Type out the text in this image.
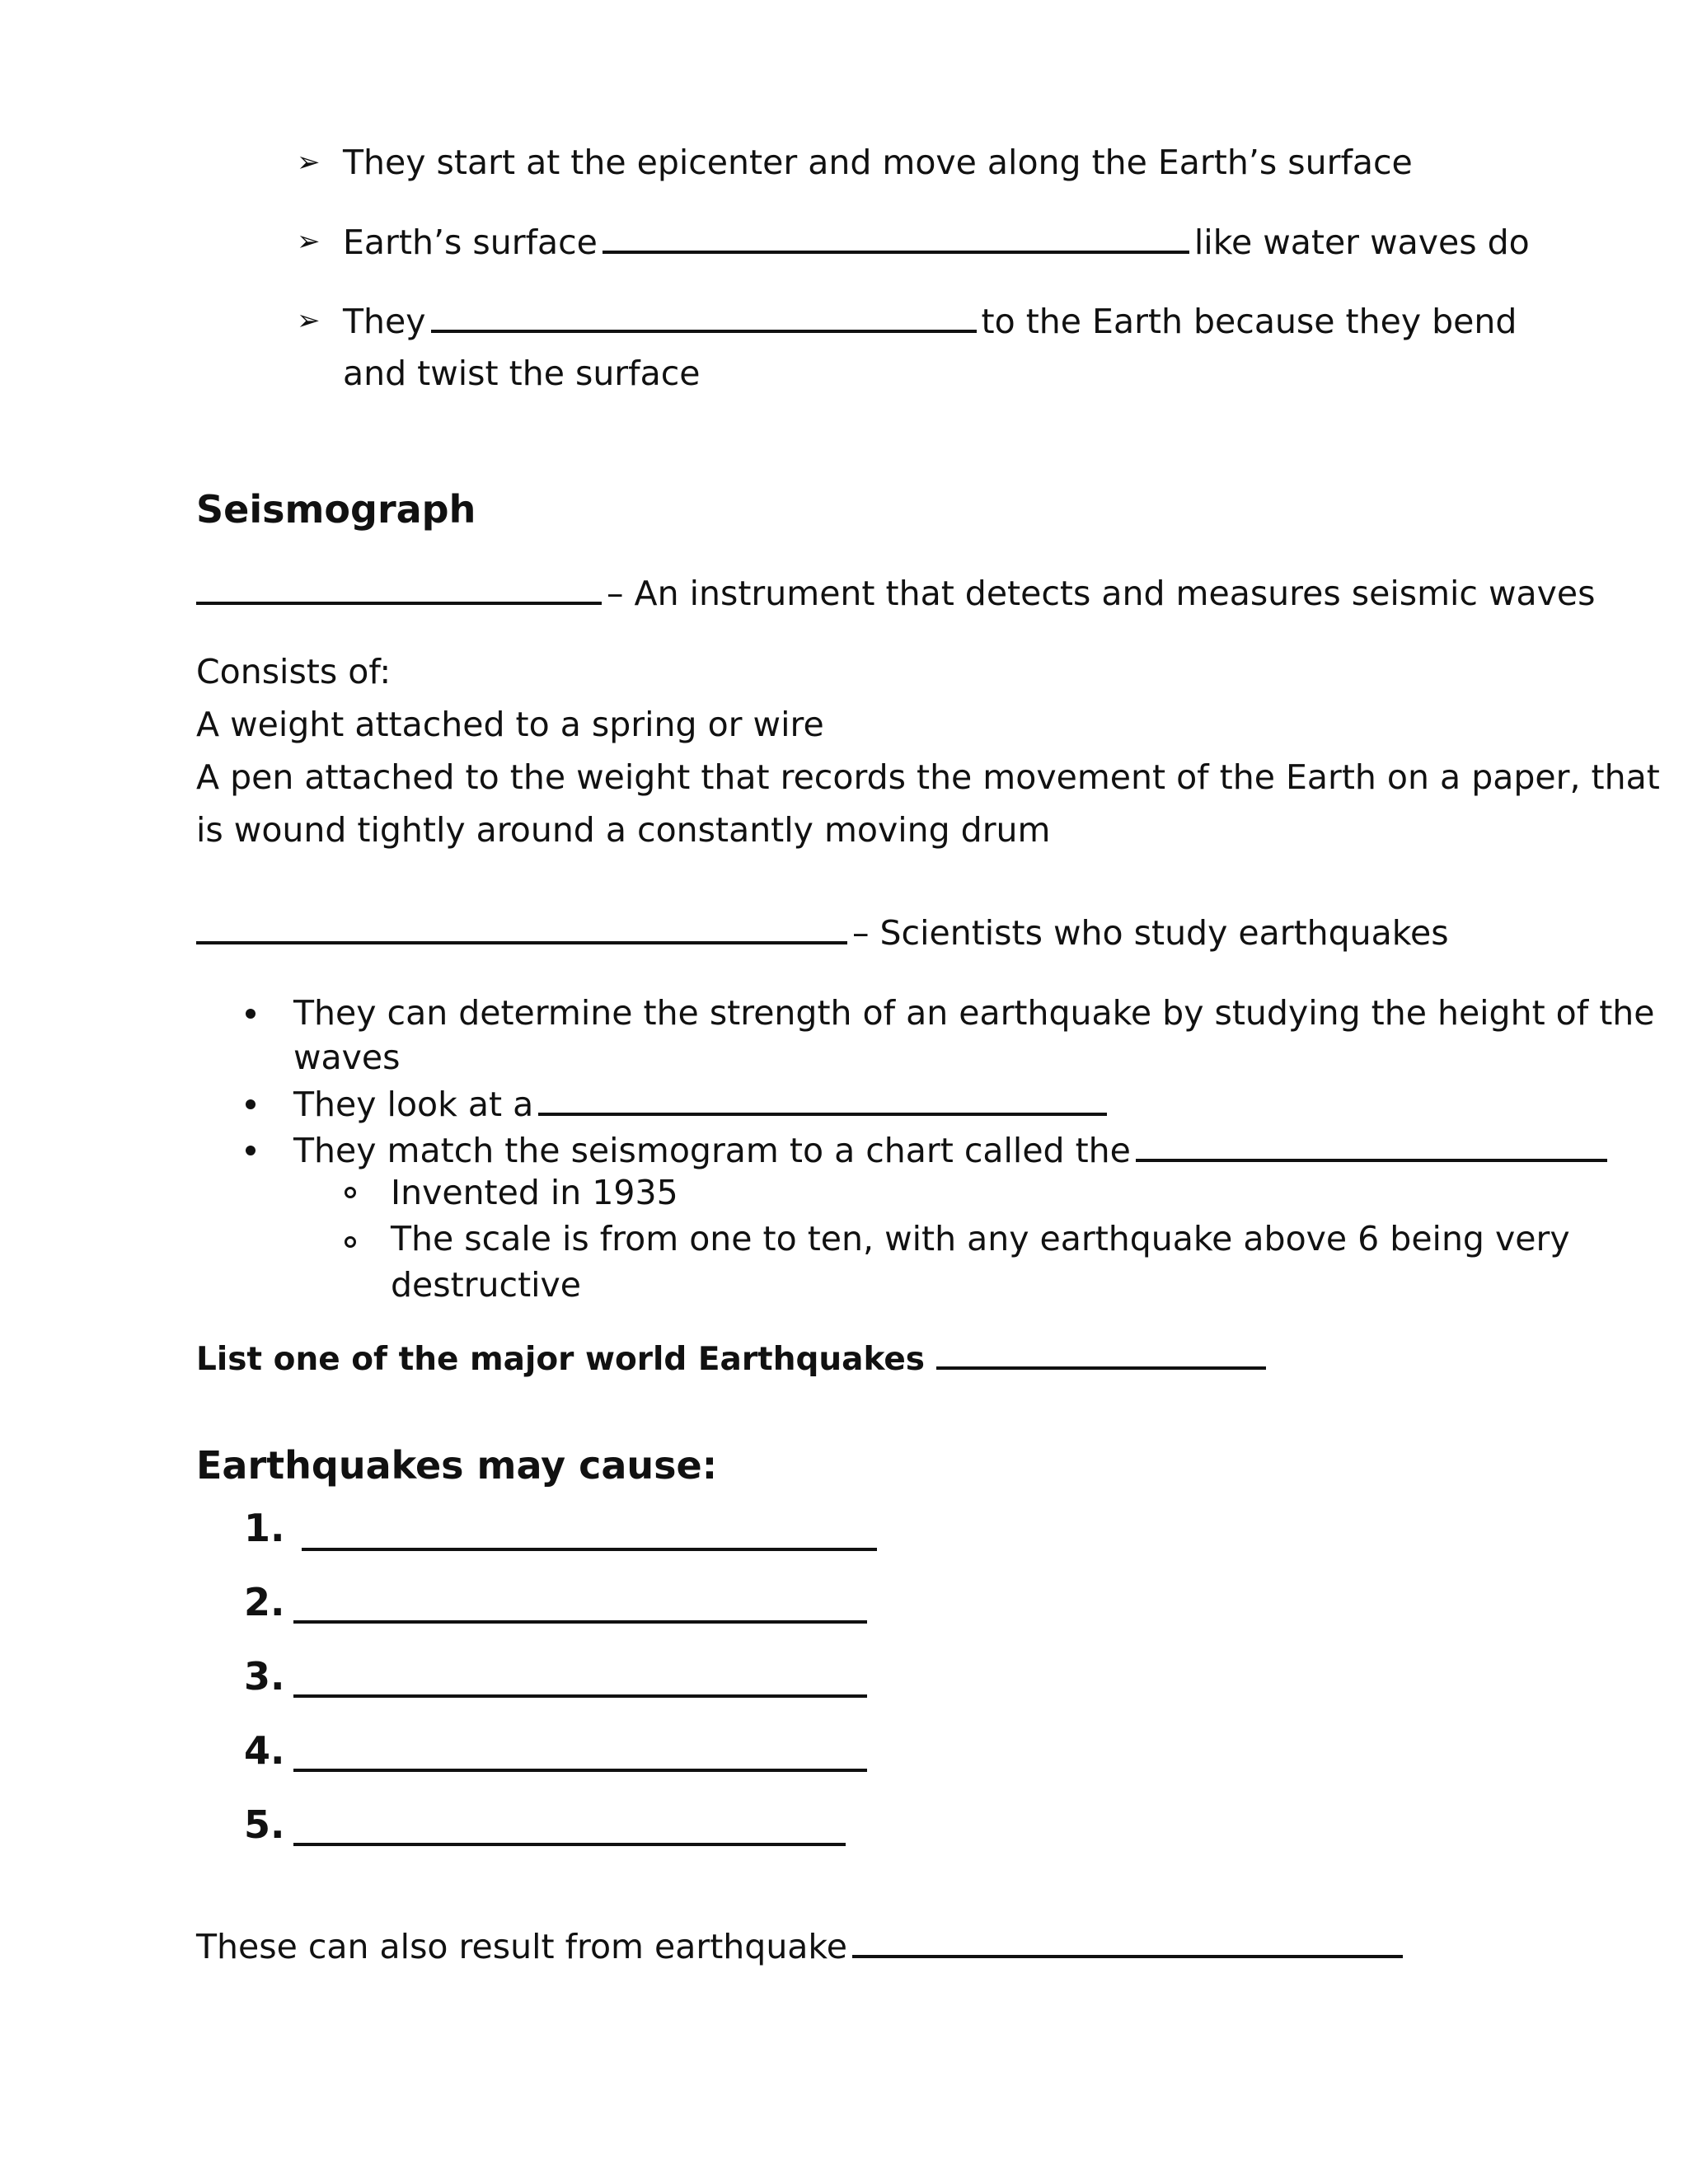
➢ They start at the epicenter and move along the Earth’s surface
➢ Earth’s surface	like water waves do
➢ They	to the Earth because they bend
and twist the surface
Seismograph
– An instrument that detects and measures seismic waves
Consists of:
A weight attached to a spring or wire
A pen attached to the weight that records the movement of the Earth on a paper, that
is wound tightly around a constantly moving drum
– Scientists who study earthquakes
They can determine the strength of an earthquake by studying the height of the
waves
They look at a
They match the seismogram to a chart called the
Invented in 1935
The scale is from one to ten, with any earthquake above 6 being very
destructive
List one of the major world Earthquakes
Earthquakes may cause:
1.
2.
3.
4.
5.
These can also result from earthquake
